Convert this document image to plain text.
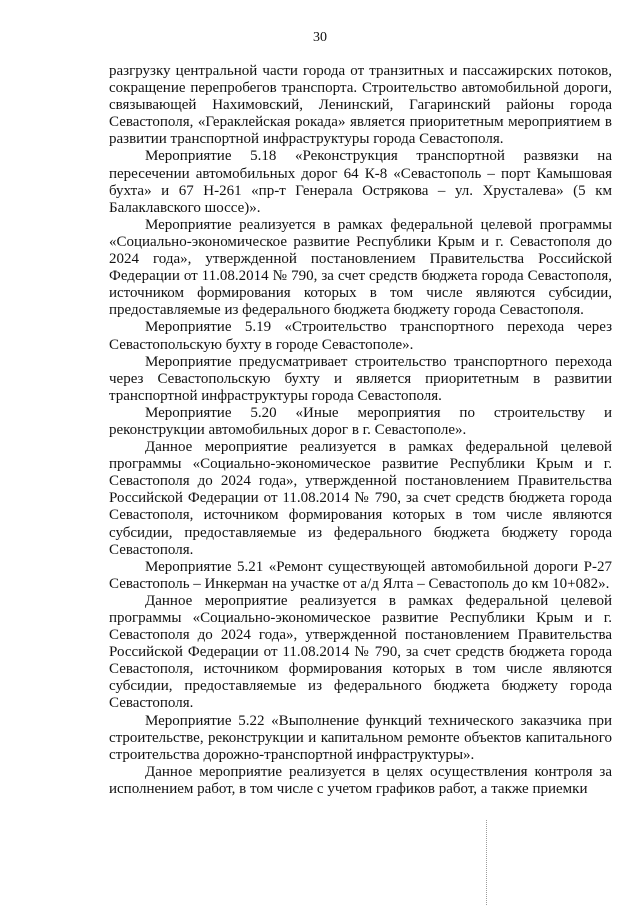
30

разгрузку центральной части города от транзитных и пассажирских потоков, сокращение перепробегов транспорта. Строительство автомобильной дороги, связывающей Нахимовский, Ленинский, Гагаринский районы города Севастополя, «Гераклейская рокада» является приоритетным мероприятием в развитии транспортной инфраструктуры города Севастополя.

Мероприятие 5.18 «Реконструкция транспортной развязки на пересечении автомобильных дорог 64 К-8 «Севастополь – порт Камышовая бухта» и 67 Н-261 «пр-т Генерала Острякова – ул. Хрусталева» (5 км Балаклавского шоссе)».

Мероприятие реализуется в рамках федеральной целевой программы «Социально-экономическое развитие Республики Крым и г. Севастополя до 2024 года», утвержденной постановлением Правительства Российской Федерации от 11.08.2014 № 790, за счет средств бюджета города Севастополя, источником формирования которых в том числе являются субсидии, предоставляемые из федерального бюджета бюджету города Севастополя.

Мероприятие 5.19 «Строительство транспортного перехода через Севастопольскую бухту в городе Севастополе».

Мероприятие предусматривает строительство транспортного перехода через Севастопольскую бухту и является приоритетным в развитии транспортной инфраструктуры города Севастополя.

Мероприятие 5.20 «Иные мероприятия по строительству и реконструкции автомобильных дорог в г. Севастополе».

Данное мероприятие реализуется в рамках федеральной целевой программы «Социально-экономическое развитие Республики Крым и г. Севастополя до 2024 года», утвержденной постановлением Правительства Российской Федерации от 11.08.2014 № 790, за счет средств бюджета города Севастополя, источником формирования которых в том числе являются субсидии, предоставляемые из федерального бюджета бюджету города Севастополя.

Мероприятие 5.21 «Ремонт существующей автомобильной дороги Р-27 Севастополь – Инкерман на участке от а/д Ялта – Севастополь до км 10+082».

Данное мероприятие реализуется в рамках федеральной целевой программы «Социально-экономическое развитие Республики Крым и г. Севастополя до 2024 года», утвержденной постановлением Правительства Российской Федерации от 11.08.2014 № 790, за счет средств бюджета города Севастополя, источником формирования которых в том числе являются субсидии, предоставляемые из федерального бюджета бюджету города Севастополя.

Мероприятие 5.22 «Выполнение функций технического заказчика при строительстве, реконструкции и капитальном ремонте объектов капитального строительства дорожно-транспортной инфраструктуры».

Данное мероприятие реализуется в целях осуществления контроля за исполнением работ, в том числе с учетом графиков работ, а также приемки
